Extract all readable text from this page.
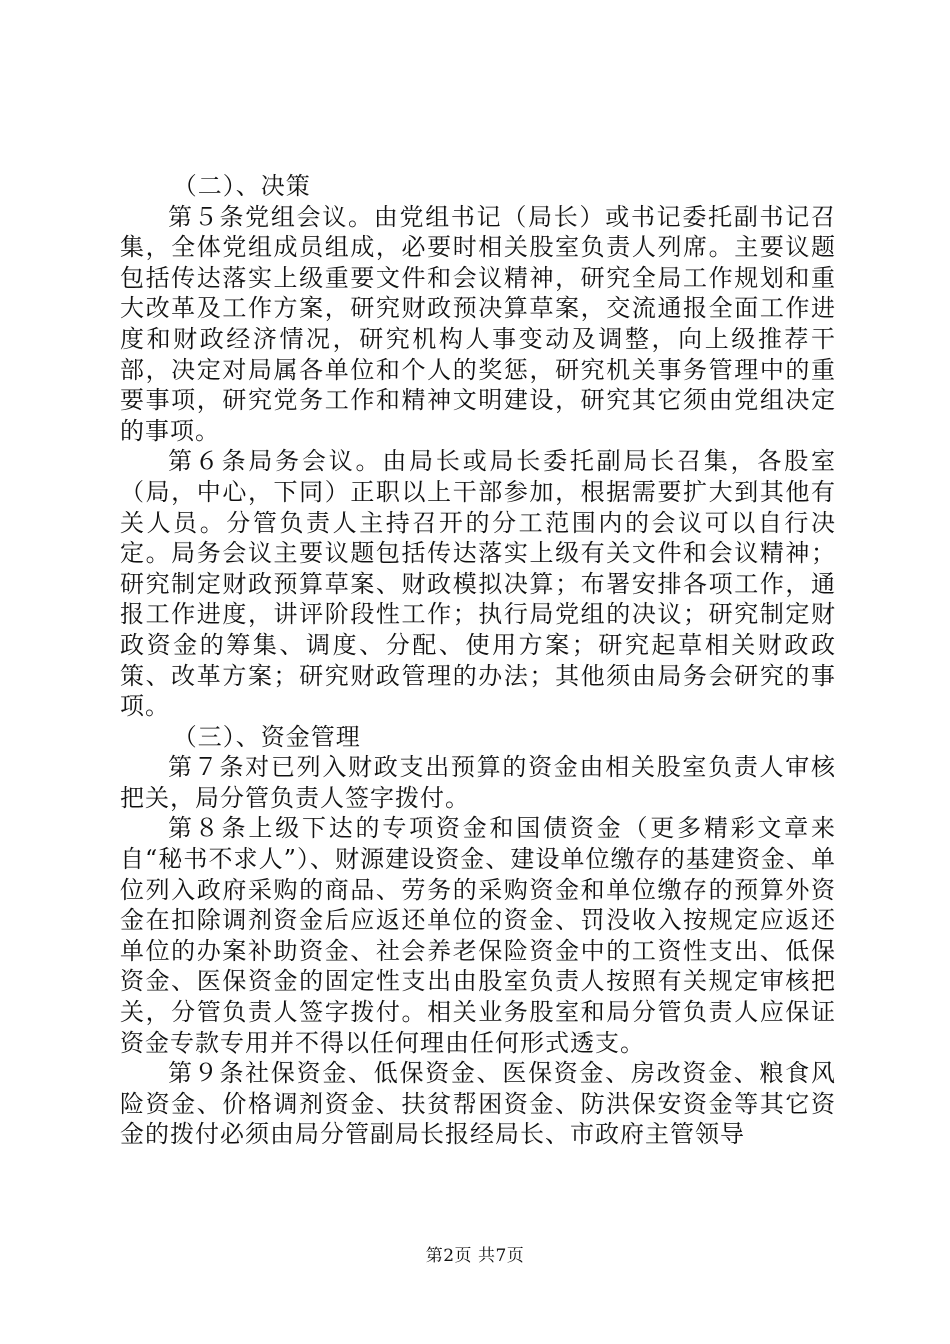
（二）、决策

第５条党组会议。由党组书记（局长）或书记委托副书记召集，全体党组成员组成，必要时相关股室负责人列席。主要议题包括传达落实上级重要文件和会议精神，研究全局工作规划和重大改革及工作方案，研究财政预决算草案，交流通报全面工作进度和财政经济情况，研究机构人事变动及调整，向上级推荐干部，决定对局属各单位和个人的奖惩，研究机关事务管理中的重要事项，研究党务工作和精神文明建设，研究其它须由党组决定的事项。

第６条局务会议。由局长或局长委托副局长召集，各股室（局，中心，下同）正职以上干部参加，根据需要扩大到其他有关人员。分管负责人主持召开的分工范围内的会议可以自行决定。局务会议主要议题包括传达落实上级有关文件和会议精神；研究制定财政预算草案、财政模拟决算；布署安排各项工作，通报工作进度，讲评阶段性工作；执行局党组的决议；研究制定财政资金的筹集、调度、分配、使用方案；研究起草相关财政政策、改革方案；研究财政管理的办法；其他须由局务会研究的事项。

（三）、资金管理

第７条对已列入财政支出预算的资金由相关股室负责人审核把关，局分管负责人签字拨付。

第８条上级下达的专项资金和国债资金（更多精彩文章来自“秘书不求人”）、财源建设资金、建设单位缴存的基建资金、单位列入政府采购的商品、劳务的采购资金和单位缴存的预算外资金在扣除调剂资金后应返还单位的资金、罚没收入按规定应返还单位的办案补助资金、社会养老保险资金中的工资性支出、低保资金、医保资金的固定性支出由股室负责人按照有关规定审核把关，分管负责人签字拨付。相关业务股室和局分管负责人应保证资金专款专用并不得以任何理由任何形式透支。

第９条社保资金、低保资金、医保资金、房改资金、粮食风险资金、价格调剂资金、扶贫帮困资金、防洪保安资金等其它资金的拨付必须由局分管副局长报经局长、市政府主管领导

第2页 共7页
